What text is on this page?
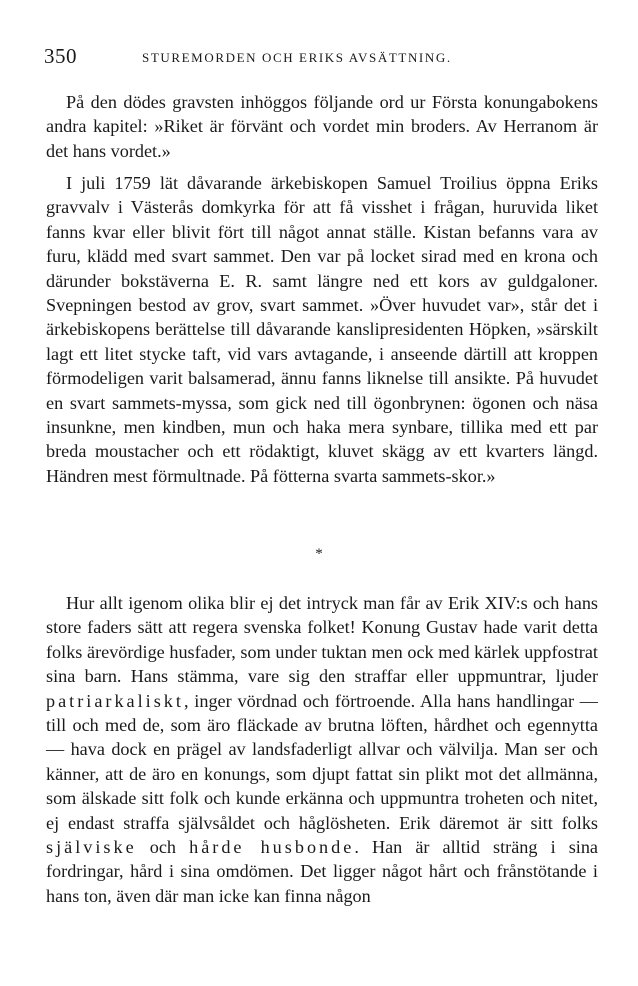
350	STUREMORDEN OCH ERIKS AVSÄTTNING.

På den dödes gravsten inhöggos följande ord ur Första konungabokens andra kapitel: »Riket är förvänt och vordet min broders. Av Herranom är det hans vordet.»

I juli 1759 lät dåvarande ärkebiskopen Samuel Troilius öppna Eriks gravvalv i Västerås domkyrka för att få visshet i frågan, huruvida liket fanns kvar eller blivit fört till något annat ställe. Kistan befanns vara av furu, klädd med svart sammet. Den var på locket sirad med en krona och därunder bokstäverna E. R. samt längre ned ett kors av guldgaloner. Svepningen bestod av grov, svart sammet. »Över huvudet var», står det i ärkebiskopens berättelse till dåvarande kanslipresidenten Höpken, »särskilt lagt ett litet stycke taft, vid vars avtagande, i anseende därtill att kroppen förmodeligen varit balsamerad, ännu fanns liknelse till ansikte. På huvudet en svart sammets-myssa, som gick ned till ögonbrynen: ögonen och näsa insunkne, men kindben, mun och haka mera synbare, tillika med ett par breda moustacher och ett rödaktigt, kluvet skägg av ett kvarters längd. Händren mest förmultnade. På fötterna svarta sammets-skor.»

*

Hur allt igenom olika blir ej det intryck man får av Erik XIV:s och hans store faders sätt att regera svenska folket! Konung Gustav hade varit detta folks ärevördige husfader, som under tuktan men ock med kärlek uppfostrat sina barn. Hans stämma, vare sig den straffar eller uppmuntrar, ljuder patriarkaliskt, inger vördnad och förtroende. Alla hans handlingar — till och med de, som äro fläckade av brutna löften, hårdhet och egennytta — hava dock en prägel av landsfaderligt allvar och välvilja. Man ser och känner, att de äro en konungs, som djupt fattat sin plikt mot det allmänna, som älskade sitt folk och kunde erkänna och uppmuntra troheten och nitet, ej endast straffa självsåldet och håglösheten. Erik däremot är sitt folks själviske och hårde husbonde. Han är alltid sträng i sina fordringar, hård i sina omdömen. Det ligger något hårt och frånstötande i hans ton, även där man icke kan finna någon
